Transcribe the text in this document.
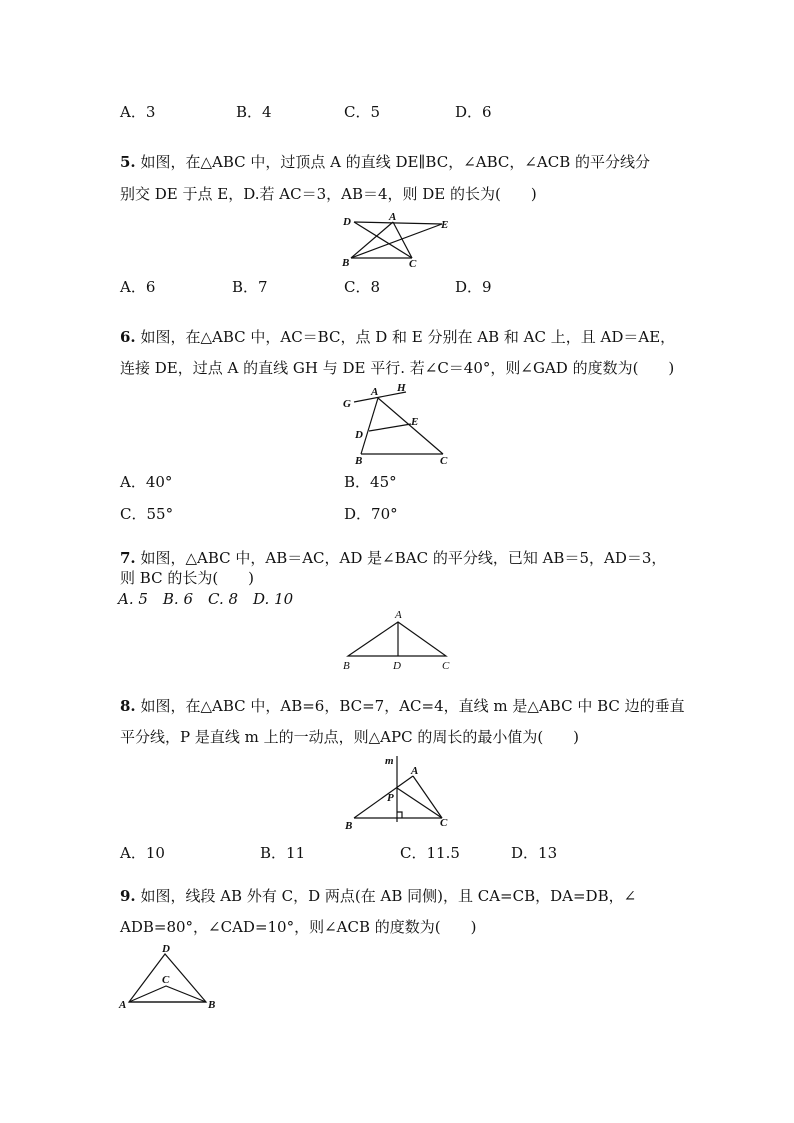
A．3	B．4	C．5	D．6
5. 如图，在△ABC 中，过顶点 A 的直线 DE∥BC，∠ABC，∠ACB 的平分线分
别交 DE 于点 E，D.若 AC＝3，AB＝4，则 DE 的长为(　　)
D	A
E
B	C
A．6	B．7	C．8	D．9
6. 如图，在△ABC 中，AC＝BC，点 D 和 E 分别在 AB 和 AC 上，且 AD＝AE，
连接 DE，过点 A 的直线 GH 与 DE 平行. 若∠C＝40°，则∠GAD 的度数为(　　)
G
A H
E
D
B	C
A．40°	B．45°
C．55°	D．70°
7. 如图，△ABC 中，AB＝AC，AD 是∠BAC 的平分线，已知 AB＝5，AD＝3，
则 BC 的长为(　　)
A. 5　B. 6　C. 8　D. 10
A
B	D	C
8. 如图，在△ABC 中，AB=6，BC=7，AC=4，直线 m 是△ABC 中 BC 边的垂直
平分线，P 是直线 m 上的一动点，则△APC 的周长的最小值为(　　)
m
A
P
B	C
A．10	B．11	C．11.5	D．13
9. 如图，线段 AB 外有 C，D 两点(在 AB 同侧)，且 CA=CB，DA=DB，∠
ADB=80°，∠CAD=10°，则∠ACB 的度数为(　　)
D
C
A	B
